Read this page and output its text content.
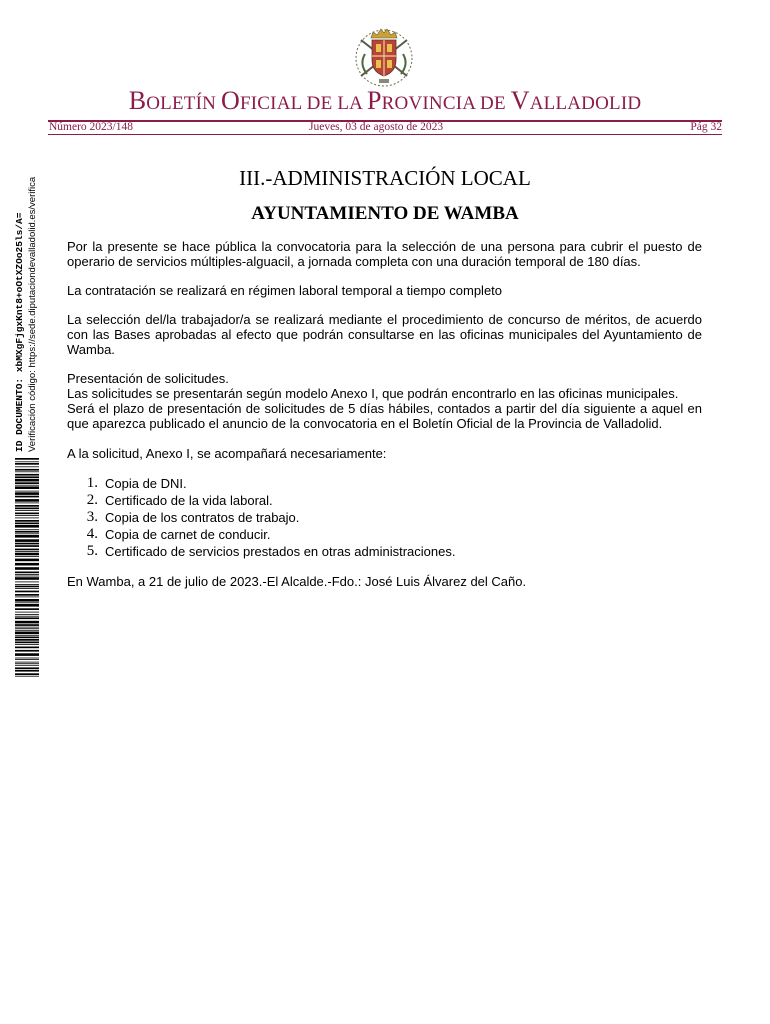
BOLETÍN OFICIAL DE LA PROVINCIA DE VALLADOLID
Número 2023/148	Jueves, 03 de agosto de 2023	Pág 32
ID DOCUMENTO: xbMXgFjgxKnt8+oOtXZOo25ls/A= Verificación código: https://sede.diputaciondevalladolid.es/verifica	III.-ADMINISTRACIÓN LOCAL
AYUNTAMIENTO DE WAMBA

Por la presente se hace pública la convocatoria para la selección de una persona para cubrir el puesto de operario de servicios múltiples-alguacil, a jornada completa con una duración temporal de 180 días.

La contratación se realizará en régimen laboral temporal a tiempo completo

La selección del/la trabajador/a se realizará mediante el procedimiento de concurso de méritos, de acuerdo con las Bases aprobadas al efecto que podrán consultarse en las oficinas municipales del Ayuntamiento de Wamba.

Presentación de solicitudes.

Las solicitudes se presentarán según modelo Anexo I, que podrán encontrarlo en las oficinas municipales.

Será el plazo de presentación de solicitudes de 5 días hábiles, contados a partir del día siguiente a aquel en que aparezca publicado el anuncio de la convocatoria en el Boletín Oficial de la Provincia de Valladolid.

A la solicitud, Anexo I, se acompañará necesariamente:

1. Copia de DNI.
2. Certificado de la vida laboral.
3. Copia de los contratos de trabajo.
4. Copia de carnet de conducir.
5. Certificado de servicios prestados en otras administraciones.

En Wamba, a 21 de julio de 2023.-El Alcalde.-Fdo.: José Luis Álvarez del Caño.
